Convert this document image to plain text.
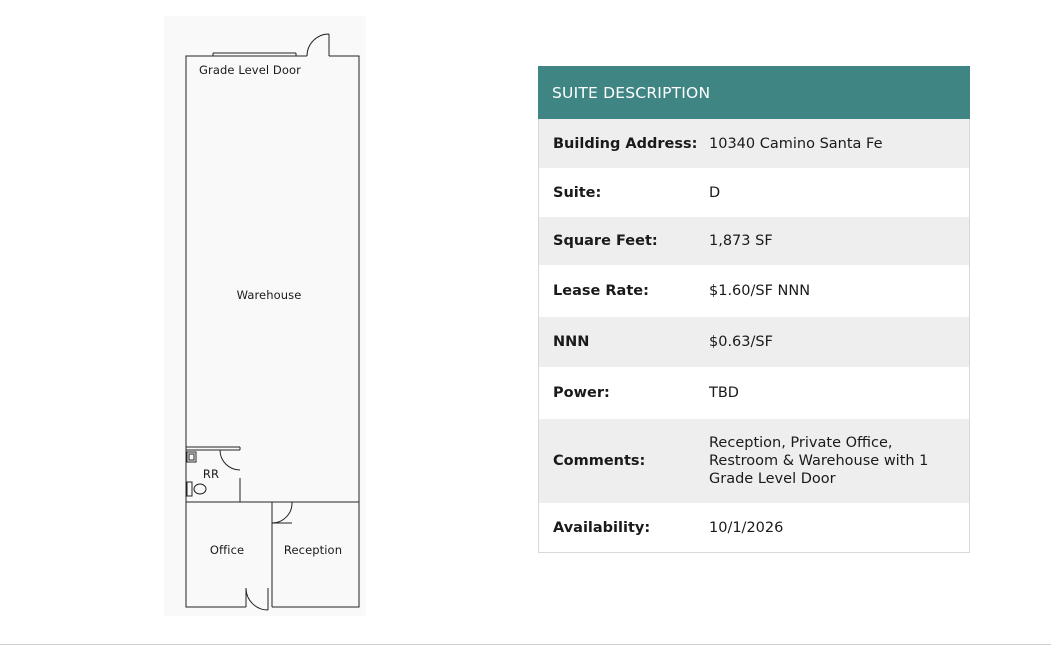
Grade Level Door
Warehouse
RR
Office	Reception
SUITE DESCRIPTION
Building Address: 10340 Camino Santa Fe
Suite:	D
Square Feet:	1,873 SF
Lease Rate:	$1.60/SF NNN
NNN	$0.63/SF
Power:	TBD
Comments:
Reception, Private Office, Restroom & Warehouse with 1 Grade Level Door
Availability:	10/1/2026
